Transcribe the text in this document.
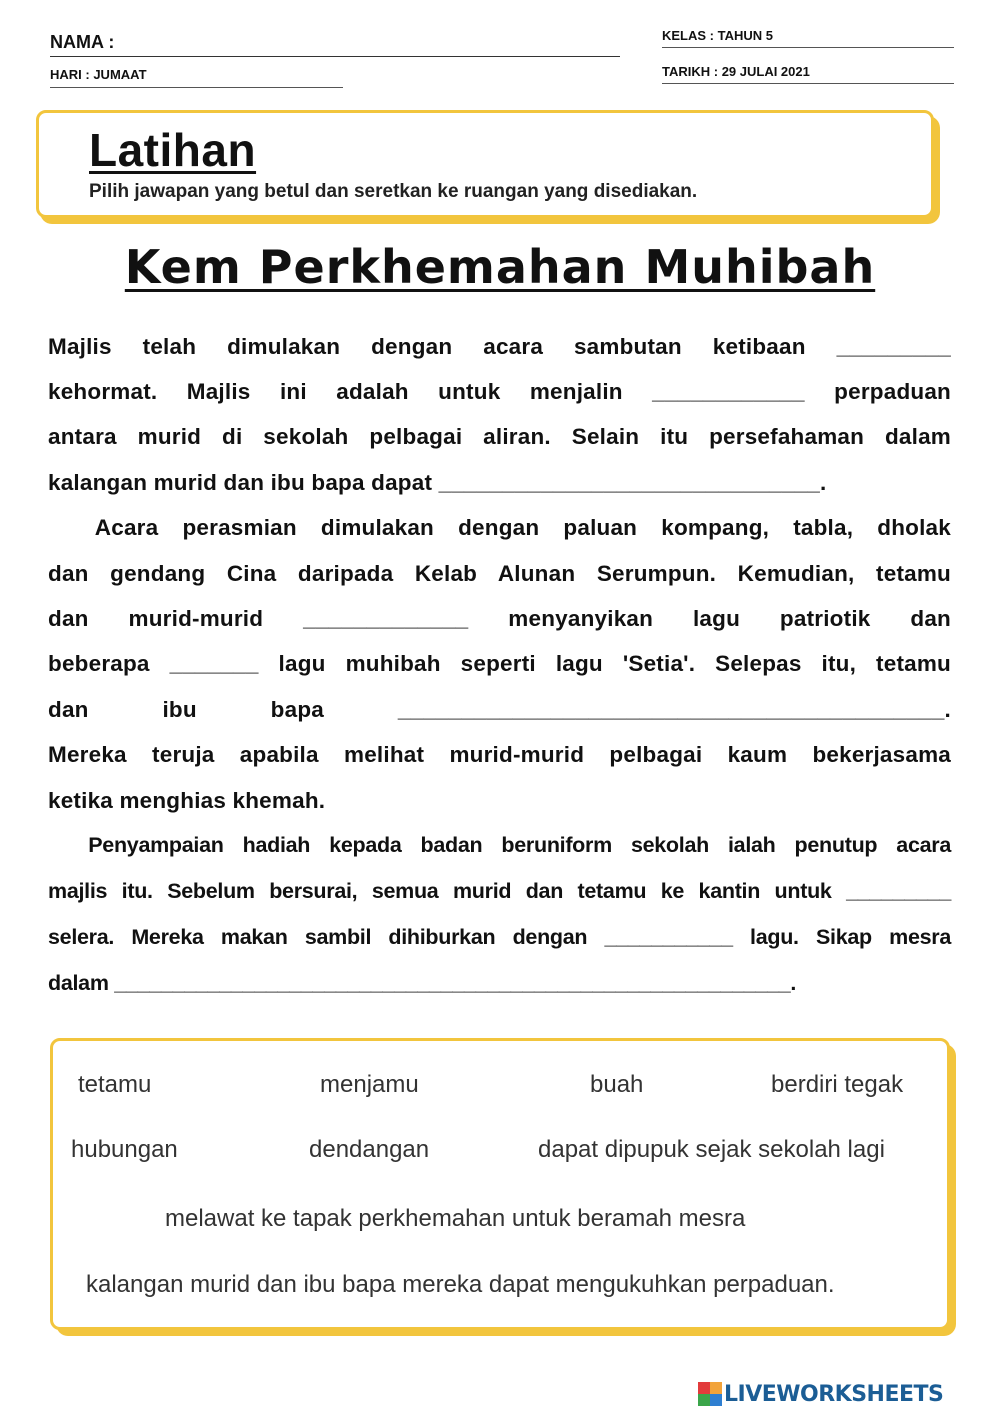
NAMA :
HARI : JUMAAT
KELAS : TAHUN 5
TARIKH : 29 JULAI 2021
Latihan
Pilih jawapan yang betul dan seretkan ke ruangan yang disediakan.
Kem Perkhemahan Muhibah
Majlis telah dimulakan dengan acara sambutan ketibaan _________
kehormat. Majlis ini adalah untuk menjalin ____________ perpaduan
antara murid di sekolah pelbagai aliran. Selain itu persefahaman dalam
kalangan murid dan ibu bapa dapat ______________________________.
  Acara perasmian dimulakan dengan paluan kompang, tabla, dholak
dan gendang Cina daripada Kelab Alunan Serumpun. Kemudian, tetamu
dan murid-murid _____________ menyanyikan lagu patriotik dan
beberapa _______ lagu muhibah seperti lagu 'Setia'. Selepas itu, tetamu
dan ibu bapa ___________________________________________.
Mereka teruja apabila melihat murid-murid pelbagai kaum bekerjasama
ketika menghias khemah.
  Penyampaian hadiah kepada badan beruniform sekolah ialah penutup acara
majlis itu. Sebelum bersurai, semua murid dan tetamu ke kantin untuk _________
selera. Mereka makan sambil dihiburkan dengan ___________ lagu. Sikap mesra
dalam __________________________________________________________.
tetamu	menjamu	buah	berdiri tegak
hubungan	dendangan	dapat dipupuk sejak sekolah lagi
melawat ke tapak perkhemahan untuk beramah mesra
kalangan murid dan ibu bapa mereka dapat mengukuhkan perpaduan.
LIVEWORKSHEETS
